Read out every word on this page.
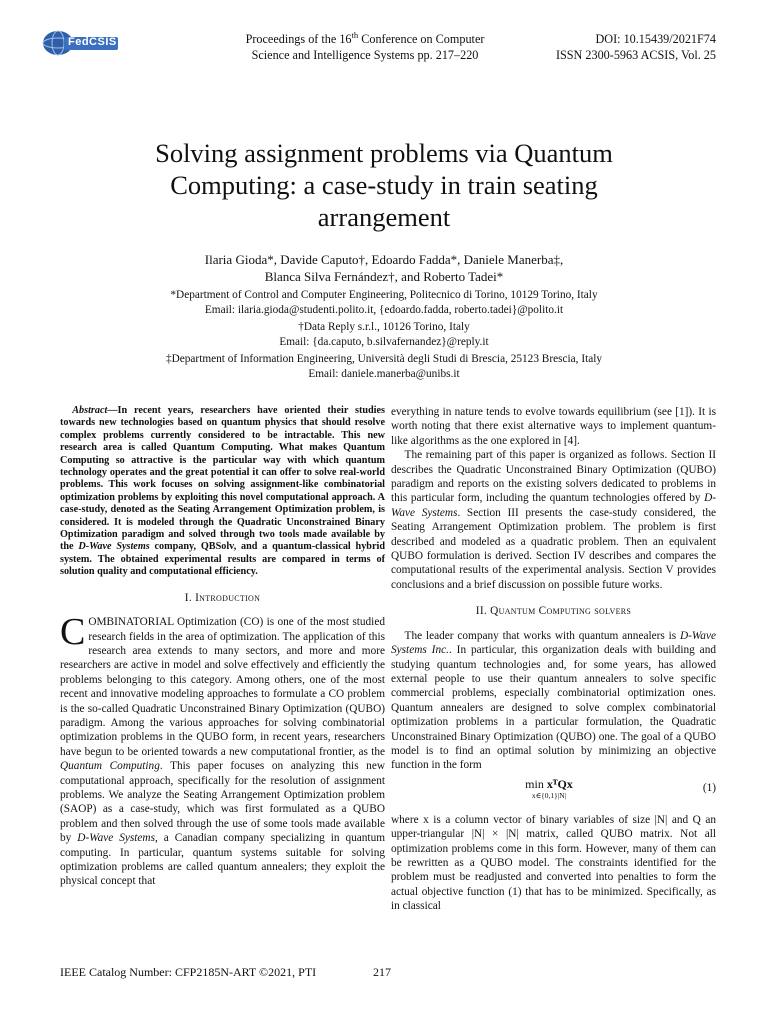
FedCSIS	Proceedings of the 16th Conference on Computer
Science and Intelligence Systems pp. 217–220
DOI: 10.15439/2021F74
ISSN 2300-5963 ACSIS, Vol. 25
Solving assignment problems via Quantum
Computing: a case-study in train seating
arrangement
Ilaria Gioda*, Davide Caputo†, Edoardo Fadda*, Daniele Manerba‡,
Blanca Silva Fernández†, and Roberto Tadei*
*Department of Control and Computer Engineering, Politecnico di Torino, 10129 Torino, Italy
Email: ilaria.gioda@studenti.polito.it, {edoardo.fadda, roberto.tadei}@polito.it
†Data Reply s.r.l., 10126 Torino, Italy
Email: {da.caputo, b.silvafernandez}@reply.it
‡Department of Information Engineering, Università degli Studi di Brescia, 25123 Brescia, Italy
Email: daniele.manerba@unibs.it

Abstract—In recent years, researchers have oriented their studies towards new technologies based on quantum physics that should resolve complex problems currently considered to be intractable. This new research area is called Quantum Computing. What makes Quantum Computing so attractive is the particular way with which quantum technology operates and the great potential it can offer to solve real-world problems. This work focuses on solving assignment-like combinatorial optimization problems by exploiting this novel computational approach. A case-study, denoted as the Seating Arrangement Optimization problem, is considered. It is modeled through the Quadratic Unconstrained Binary Optimization paradigm and solved through two tools made available by the D-Wave Systems company, QBSolv, and a quantum-classical hybrid system. The obtained experimental results are compared in terms of solution quality and computational efficiency.

I. Introduction

COMBINATORIAL Optimization (CO) is one of the most studied research fields in the area of optimization. The application of this research area extends to many sectors, and more and more researchers are active in model and solve effectively and efficiently the problems belonging to this category. Among others, one of the most recent and innovative modeling approaches to formulate a CO problem is the so-called Quadratic Unconstrained Binary Optimization (QUBO) paradigm. Among the various approaches for solving combinatorial optimization problems in the QUBO form, in recent years, researchers have begun to be oriented towards a new computational frontier, as the Quantum Computing. This paper focuses on analyzing this new computational approach, specifically for the resolution of assignment problems. We analyze the Seating Arrangement Optimization problem (SAOP) as a case-study, which was first formulated as a QUBO problem and then solved through the use of some tools made available by D-Wave Systems, a Canadian company specializing in quantum computing. In particular, quantum systems suitable for solving optimization problems are called quantum annealers; they exploit the physical concept that

everything in nature tends to evolve towards equilibrium (see [1]). It is worth noting that there exist alternative ways to implement quantum-like algorithms as the one explored in [4].

The remaining part of this paper is organized as follows. Section II describes the Quadratic Unconstrained Binary Optimization (QUBO) paradigm and reports on the existing solvers dedicated to problems in this particular form, including the quantum technologies offered by D-Wave Systems. Section III presents the case-study considered, the Seating Arrangement Optimization problem. The problem is first described and modeled as a quadratic problem. Then an equivalent QUBO formulation is derived. Section IV describes and compares the computational results of the experimental analysis. Section V provides conclusions and a brief discussion on possible future works.

II. Quantum Computing solvers

The leader company that works with quantum annealers is D-Wave Systems Inc.. In particular, this organization deals with building and studying quantum technologies and, for some years, has allowed external people to use their quantum annealers to solve specific commercial problems, especially combinatorial optimization ones. Quantum annealers are designed to solve complex combinatorial optimization problems in a particular formulation, the Quadratic Unconstrained Binary Optimization (QUBO) one. The goal of a QUBO model is to find an optimal solution by minimizing an objective function in the form

min xᵀQx
x∈{0,1}|N|
(1)

where x is a column vector of binary variables of size |N| and Q an upper-triangular |N| × |N| matrix, called QUBO matrix. Not all optimization problems come in this form. However, many of them can be rewritten as a QUBO model. The constraints identified for the problem must be readjusted and converted into penalties to form the actual objective function (1) that has to be minimized. Specifically, as in classical

IEEE Catalog Number: CFP2185N-ART ©2021, PTI	217
